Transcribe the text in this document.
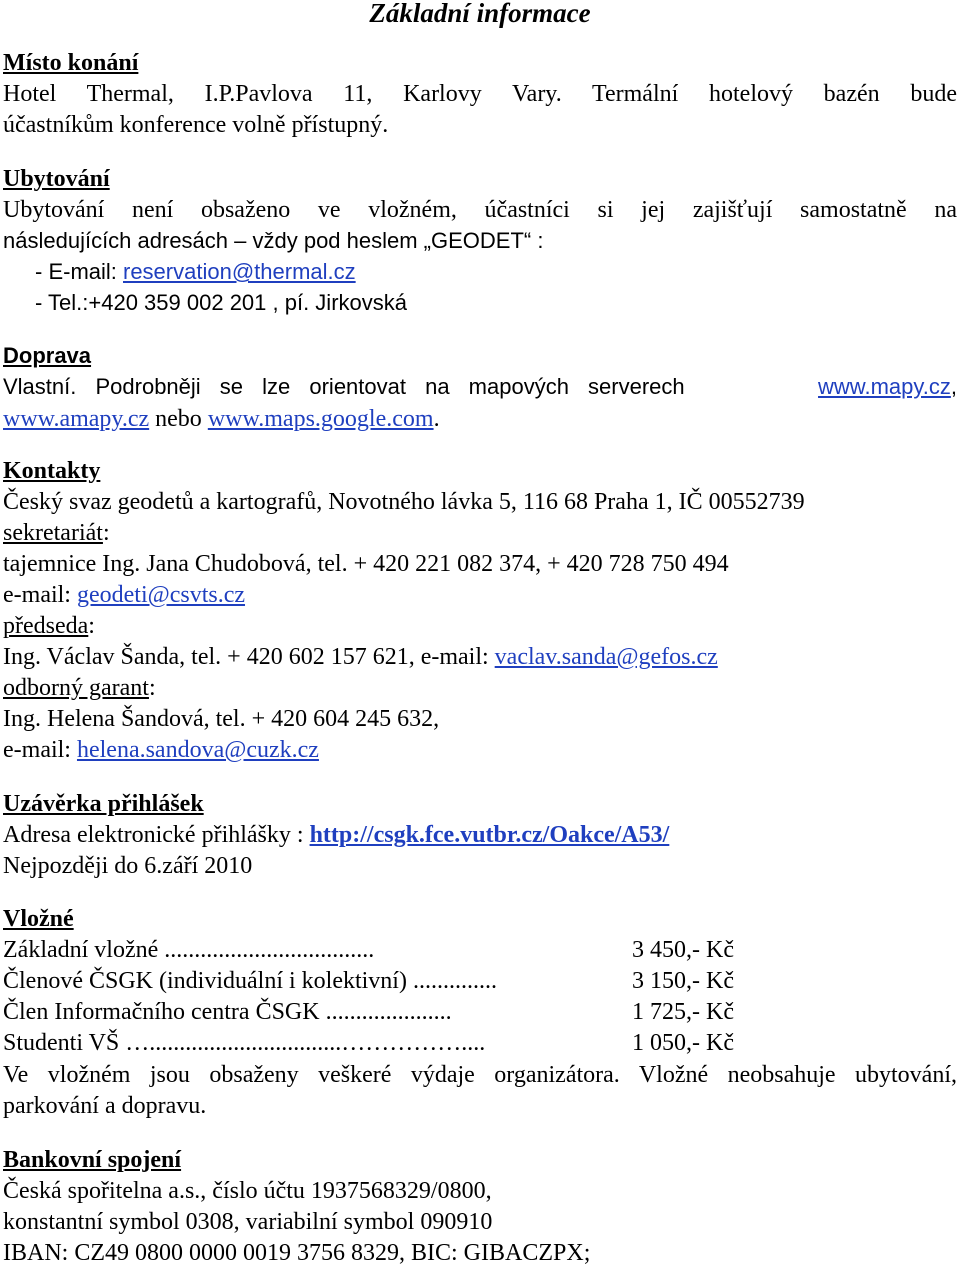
Základní informace
Místo konání
Hotel Thermal, I.P.Pavlova 11, Karlovy Vary. Termální hotelový bazén bude
účastníkům konference volně přístupný.
Ubytování
Ubytování není obsaženo ve vložném, účastníci si jej zajišťují samostatně na
následujících adresách – vždy pod heslem „GEODET“ :
- E-mail: reservation@thermal.cz
- Tel.:+420 359 002 201 , pí. Jirkovská
Doprava
Vlastní. Podrobněji se lze orientovat na mapových serverech	www.mapy.cz,
www.amapy.cz nebo www.maps.google.com.
Kontakty
Český svaz geodetů a kartografů, Novotného lávka 5, 116 68 Praha 1, IČ 00552739
sekretariát:
tajemnice Ing. Jana Chudobová, tel. + 420 221 082 374, + 420 728 750 494
e-mail: geodeti@csvts.cz
předseda:
Ing. Václav Šanda, tel. + 420 602 157 621, e-mail: vaclav.sanda@gefos.cz
odborný garant:
Ing. Helena Šandová, tel. + 420 604 245 632,
e-mail: helena.sandova@cuzk.cz
Uzávěrka přihlášek
Adresa elektronické přihlášky : http://csgk.fce.vutbr.cz/Oakce/A53/
Nejpozději do 6.září 2010
Vložné
Základní vložné ...................................	3 450,- Kč
Členové ČSGK (individuální i kolektivní) ..............	3 150,- Kč
Člen Informačního centra ČSGK .....................	1 725,- Kč
Studenti VŠ …................................……………....	1 050,- Kč
Ve vložném jsou obsaženy veškeré výdaje organizátora. Vložné neobsahuje ubytování,
parkování a dopravu.
Bankovní spojení
Česká spořitelna a.s., číslo účtu 1937568329/0800,
konstantní symbol 0308, variabilní symbol 090910
IBAN: CZ49 0800 0000 0019 3756 8329, BIC: GIBACZPX;
